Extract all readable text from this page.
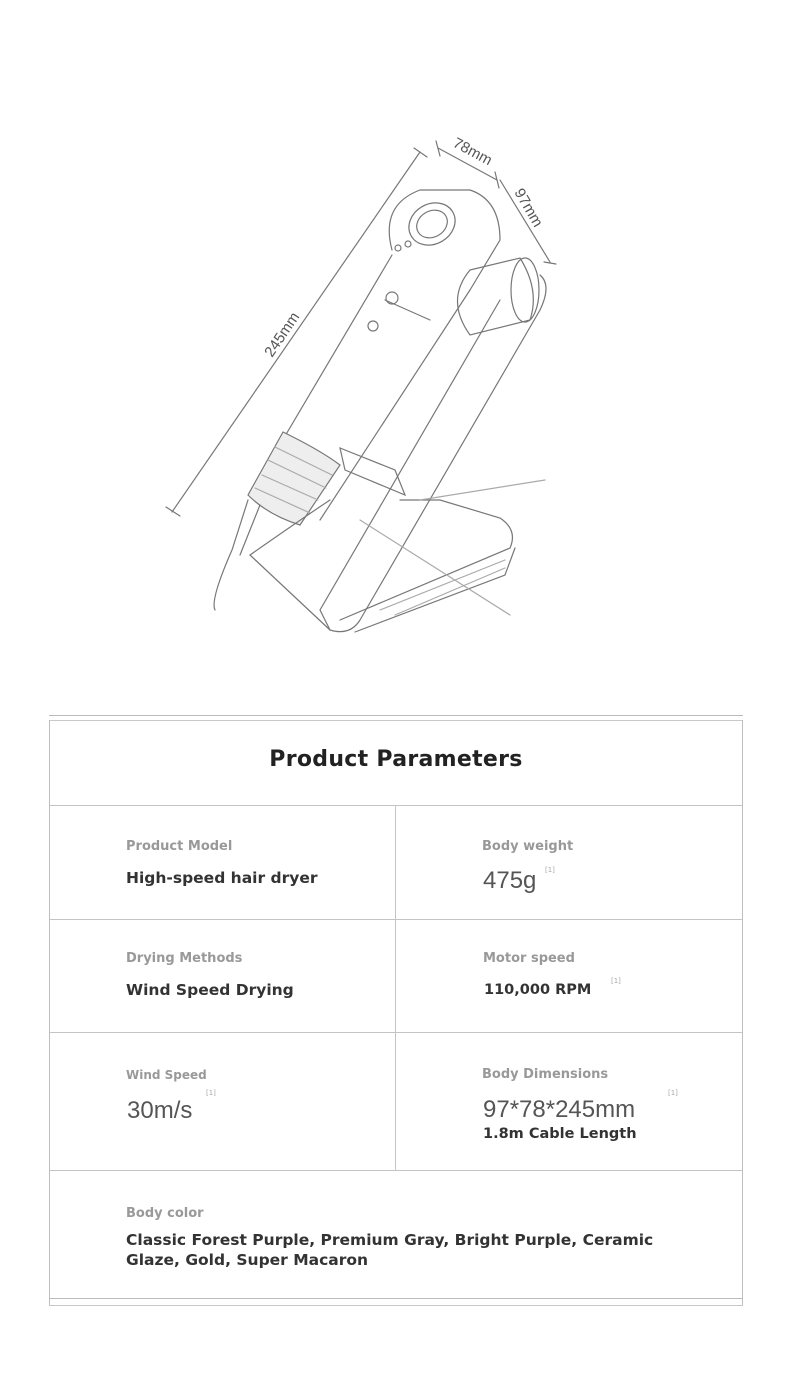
245mm
78mm
97mm
Product Parameters
Product Model
High-speed hair dryer
Body weight
475g [1]
Drying Methods
Wind Speed Drying
Motor speed
110,000 RPM
[1]
Wind Speed
30m/s
[1]
Body Dimensions
97*78*245mm
1.8m Cable Length
[1]
Body color
Classic Forest Purple, Premium Gray, Bright Purple, Ceramic
Glaze, Gold, Super Macaron
